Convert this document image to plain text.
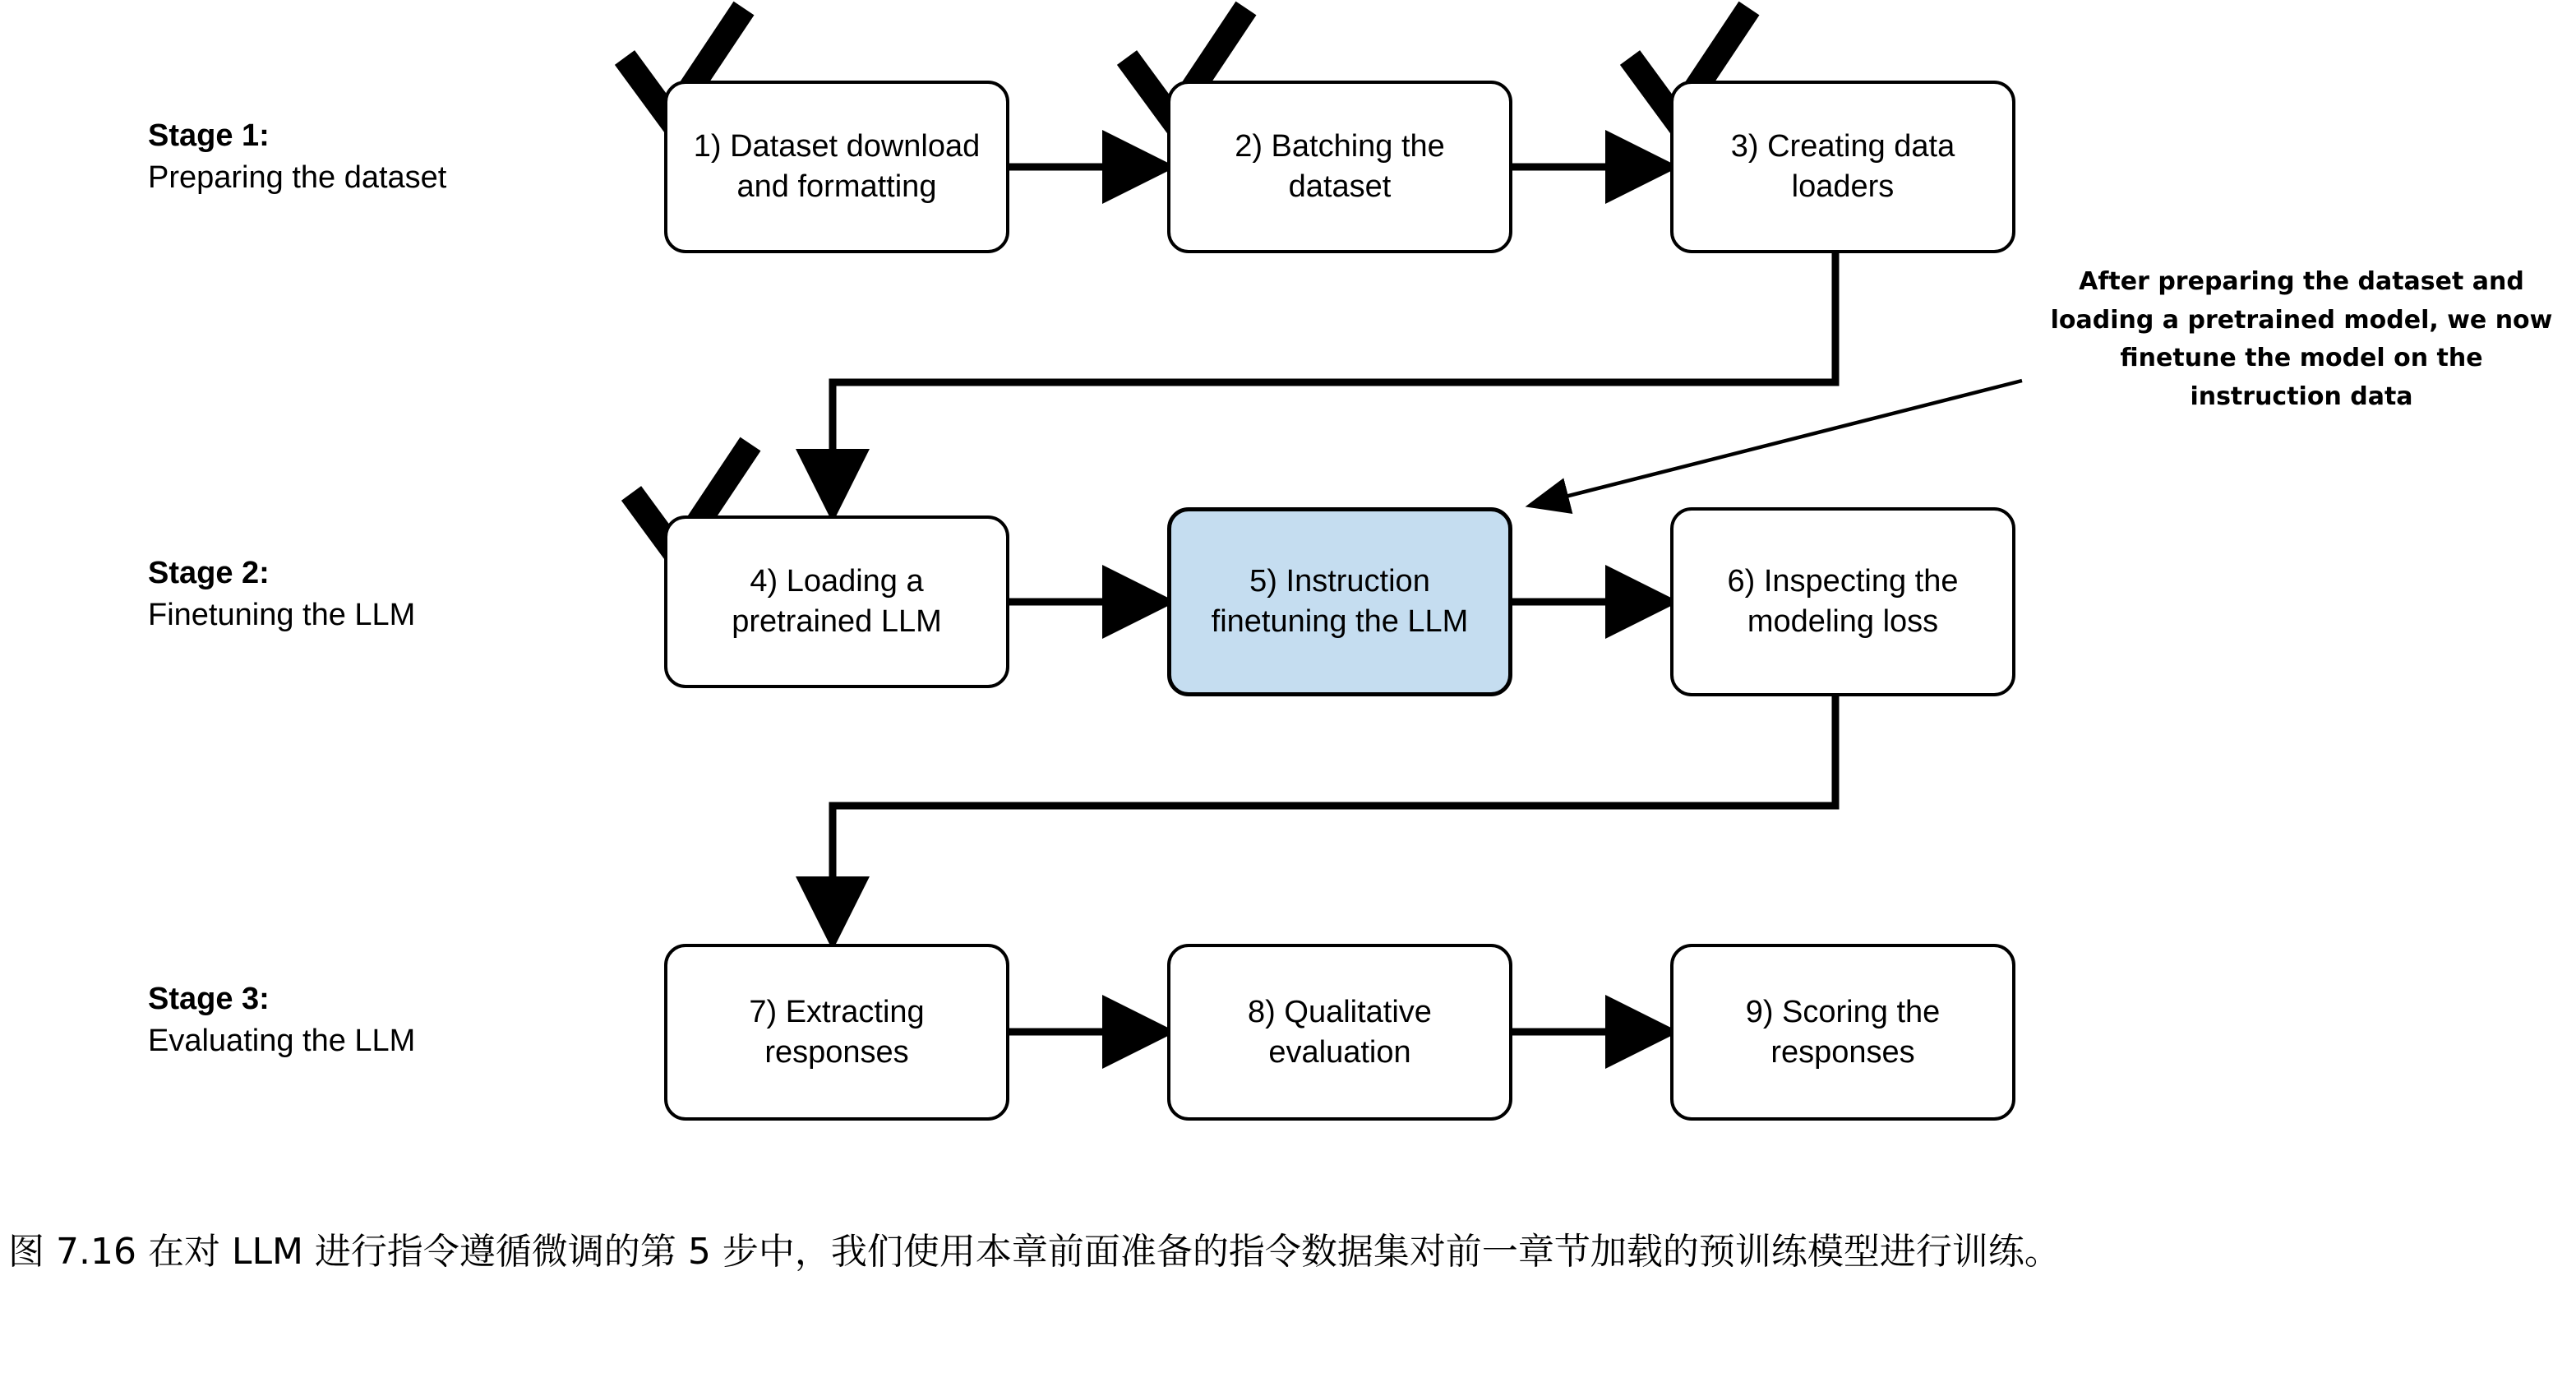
Stage 1:
Preparing the dataset
Stage 2:
Finetuning the LLM
Stage 3:
Evaluating the LLM
1) Dataset download and formatting
2) Batching the dataset
3) Creating data loaders
4) Loading a pretrained LLM
5) Instruction finetuning the LLM
6) Inspecting the modeling loss
7) Extracting responses
8) Qualitative evaluation
9) Scoring the responses
After preparing the dataset and loading a pretrained model, we now finetune the model on the instruction data
图 7.16 在对 LLM 进行指令遵循微调的第 5 步中，我们使用本章前面准备的指令数据集对前一章节加载的预训练模型进行训练。
